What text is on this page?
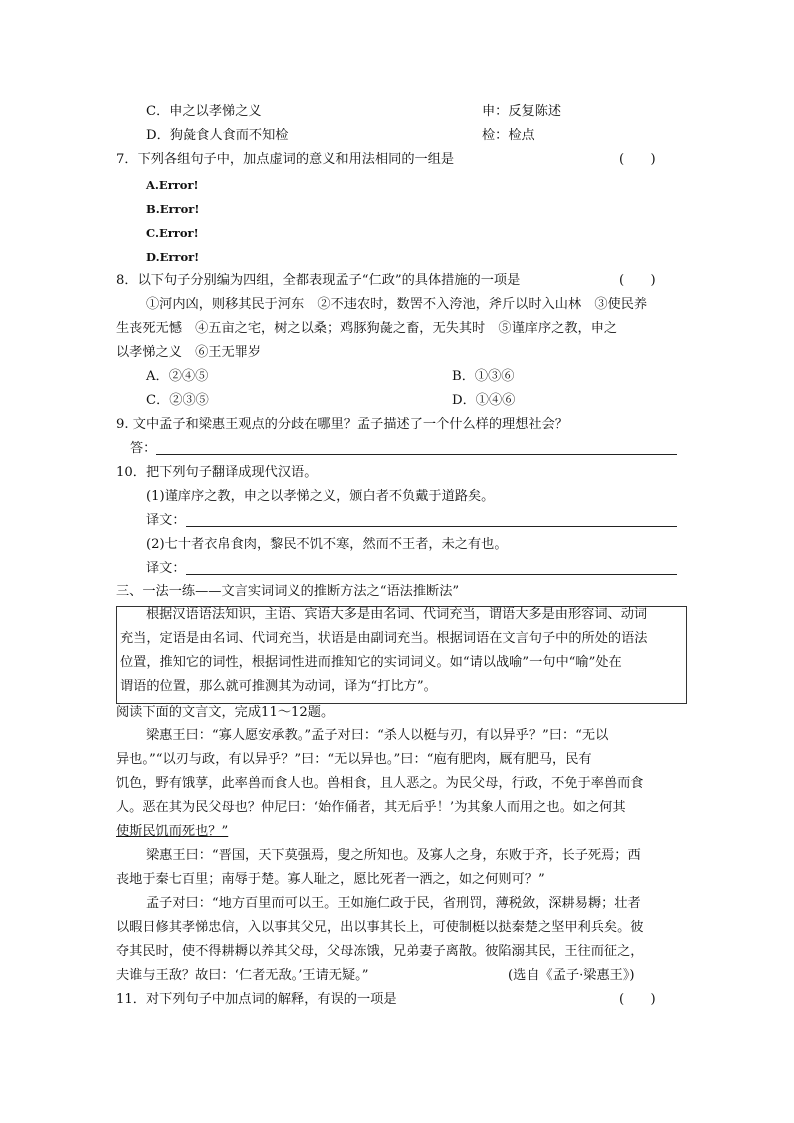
C．申之以孝悌之义	申：反复陈述
D．狗彘食人食而不知检	检：检点
7．下列各组句子中，加点虚词的意义和用法相同的一组是	(　　)
A.Error!
B.Error!
C.Error!
D.Error!
8．以下句子分别编为四组，全都表现孟子“仁政”的具体措施的一项是	(　　)
①河内凶，则移其民于河东　②不违农时，数罟不入洿池，斧斤以时入山林　③使民养
生丧死无憾　④五亩之宅，树之以桑；鸡豚狗彘之畜，无失其时　⑤谨庠序之教，申之
以孝悌之义　⑥王无罪岁
A．②④⑤	B．①③⑥
C．②③⑤	D．①④⑥
9. 文中孟子和梁惠王观点的分歧在哪里？孟子描述了一个什么样的理想社会？
答：
10．把下列句子翻译成现代汉语。
(1)谨庠序之教，申之以孝悌之义，颁白者不负戴于道路矣。
译文：
(2)七十者衣帛食肉，黎民不饥不寒，然而不王者，未之有也。
译文：
三、一法一练——文言实词词义的推断方法之“语法推断法”
根据汉语语法知识，主语、宾语大多是由名词、代词充当，谓语大多是由形容词、动词
充当，定语是由名词、代词充当，状语是由副词充当。根据词语在文言句子中的所处的语法
位置，推知它的词性，根据词性进而推知它的实词词义。如“请以战喻”一句中“喻”处在
谓语的位置，那么就可推测其为动词，译为“打比方”。
阅读下面的文言文，完成11～12题。
梁惠王曰：“寡人愿安承教。”孟子对曰：“杀人以梃与刃，有以异乎？”曰：“无以
异也。”“以刃与政，有以异乎？”曰：“无以异也。”曰：“庖有肥肉，厩有肥马，民有
饥色，野有饿莩，此率兽而食人也。兽相食，且人恶之。为民父母，行政，不免于率兽而食
人。恶在其为民父母也？仲尼曰：‘始作俑者，其无后乎！’为其象人而用之也。如之何其
使斯民饥而死也？”
梁惠王曰：“晋国，天下莫强焉，叟之所知也。及寡人之身，东败于齐，长子死焉；西
丧地于秦七百里；南辱于楚。寡人耻之，愿比死者一洒之，如之何则可？”
孟子对曰：“地方百里而可以王。王如施仁政于民，省刑罚，薄税敛，深耕易耨；壮者
以暇日修其孝悌忠信，入以事其父兄，出以事其长上，可使制梃以挞秦楚之坚甲利兵矣。彼
夺其民时，使不得耕耨以养其父母，父母冻饿，兄弟妻子离散。彼陷溺其民，王往而征之，
夫谁与王敌？故曰：‘仁者无敌。’王请无疑。”	(选自《孟子·梁惠王》)
11．对下列句子中加点词的解释，有误的一项是	(　　)
